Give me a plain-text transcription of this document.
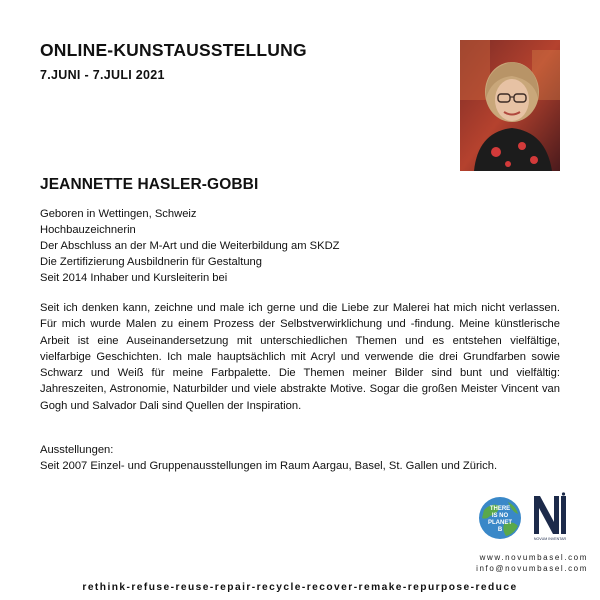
ONLINE-KUNSTAUSSTELLUNG
7.JUNI - 7.JULI 2021
JEANNETTE HASLER-GOBBI
Geboren in Wettingen, Schweiz
Hochbauzeichnerin
Der Abschluss an der M-Art und die Weiterbildung am SKDZ
Die Zertifizierung Ausbildnerin für Gestaltung
Seit 2014 Inhaber und Kursleiterin bei
Seit ich denken kann, zeichne und male ich gerne und die Liebe zur Malerei hat mich nicht verlassen. Für mich wurde Malen zu einem Prozess der Selbstverwirklichung und -findung. Meine künstlerische Arbeit ist eine Auseinandersetzung mit unterschiedlichen Themen und es entstehen vielfältige, vielfarbige Geschichten. Ich male hauptsächlich mit Acryl und verwende die drei Grundfarben sowie Schwarz und Weiß für meine Farbpalette. Die Themen meiner Bilder sind bunt und vielfältig: Jahreszeiten, Astronomie, Naturbilder und viele abstrakte Motive. Sogar die großen Meister Vincent van Gogh und Salvador Dali sind Quellen der Inspiration.
Ausstellungen:
Seit 2007 Einzel- und Gruppenausstellungen im Raum Aargau, Basel, St. Gallen und Zürich.
THERE
IS NO
PLANET
B
NOVUM INVENTAR
www.novumbasel.com
info@novumbasel.com
rethink-refuse-reuse-repair-recycle-recover-remake-repurpose-reduce
